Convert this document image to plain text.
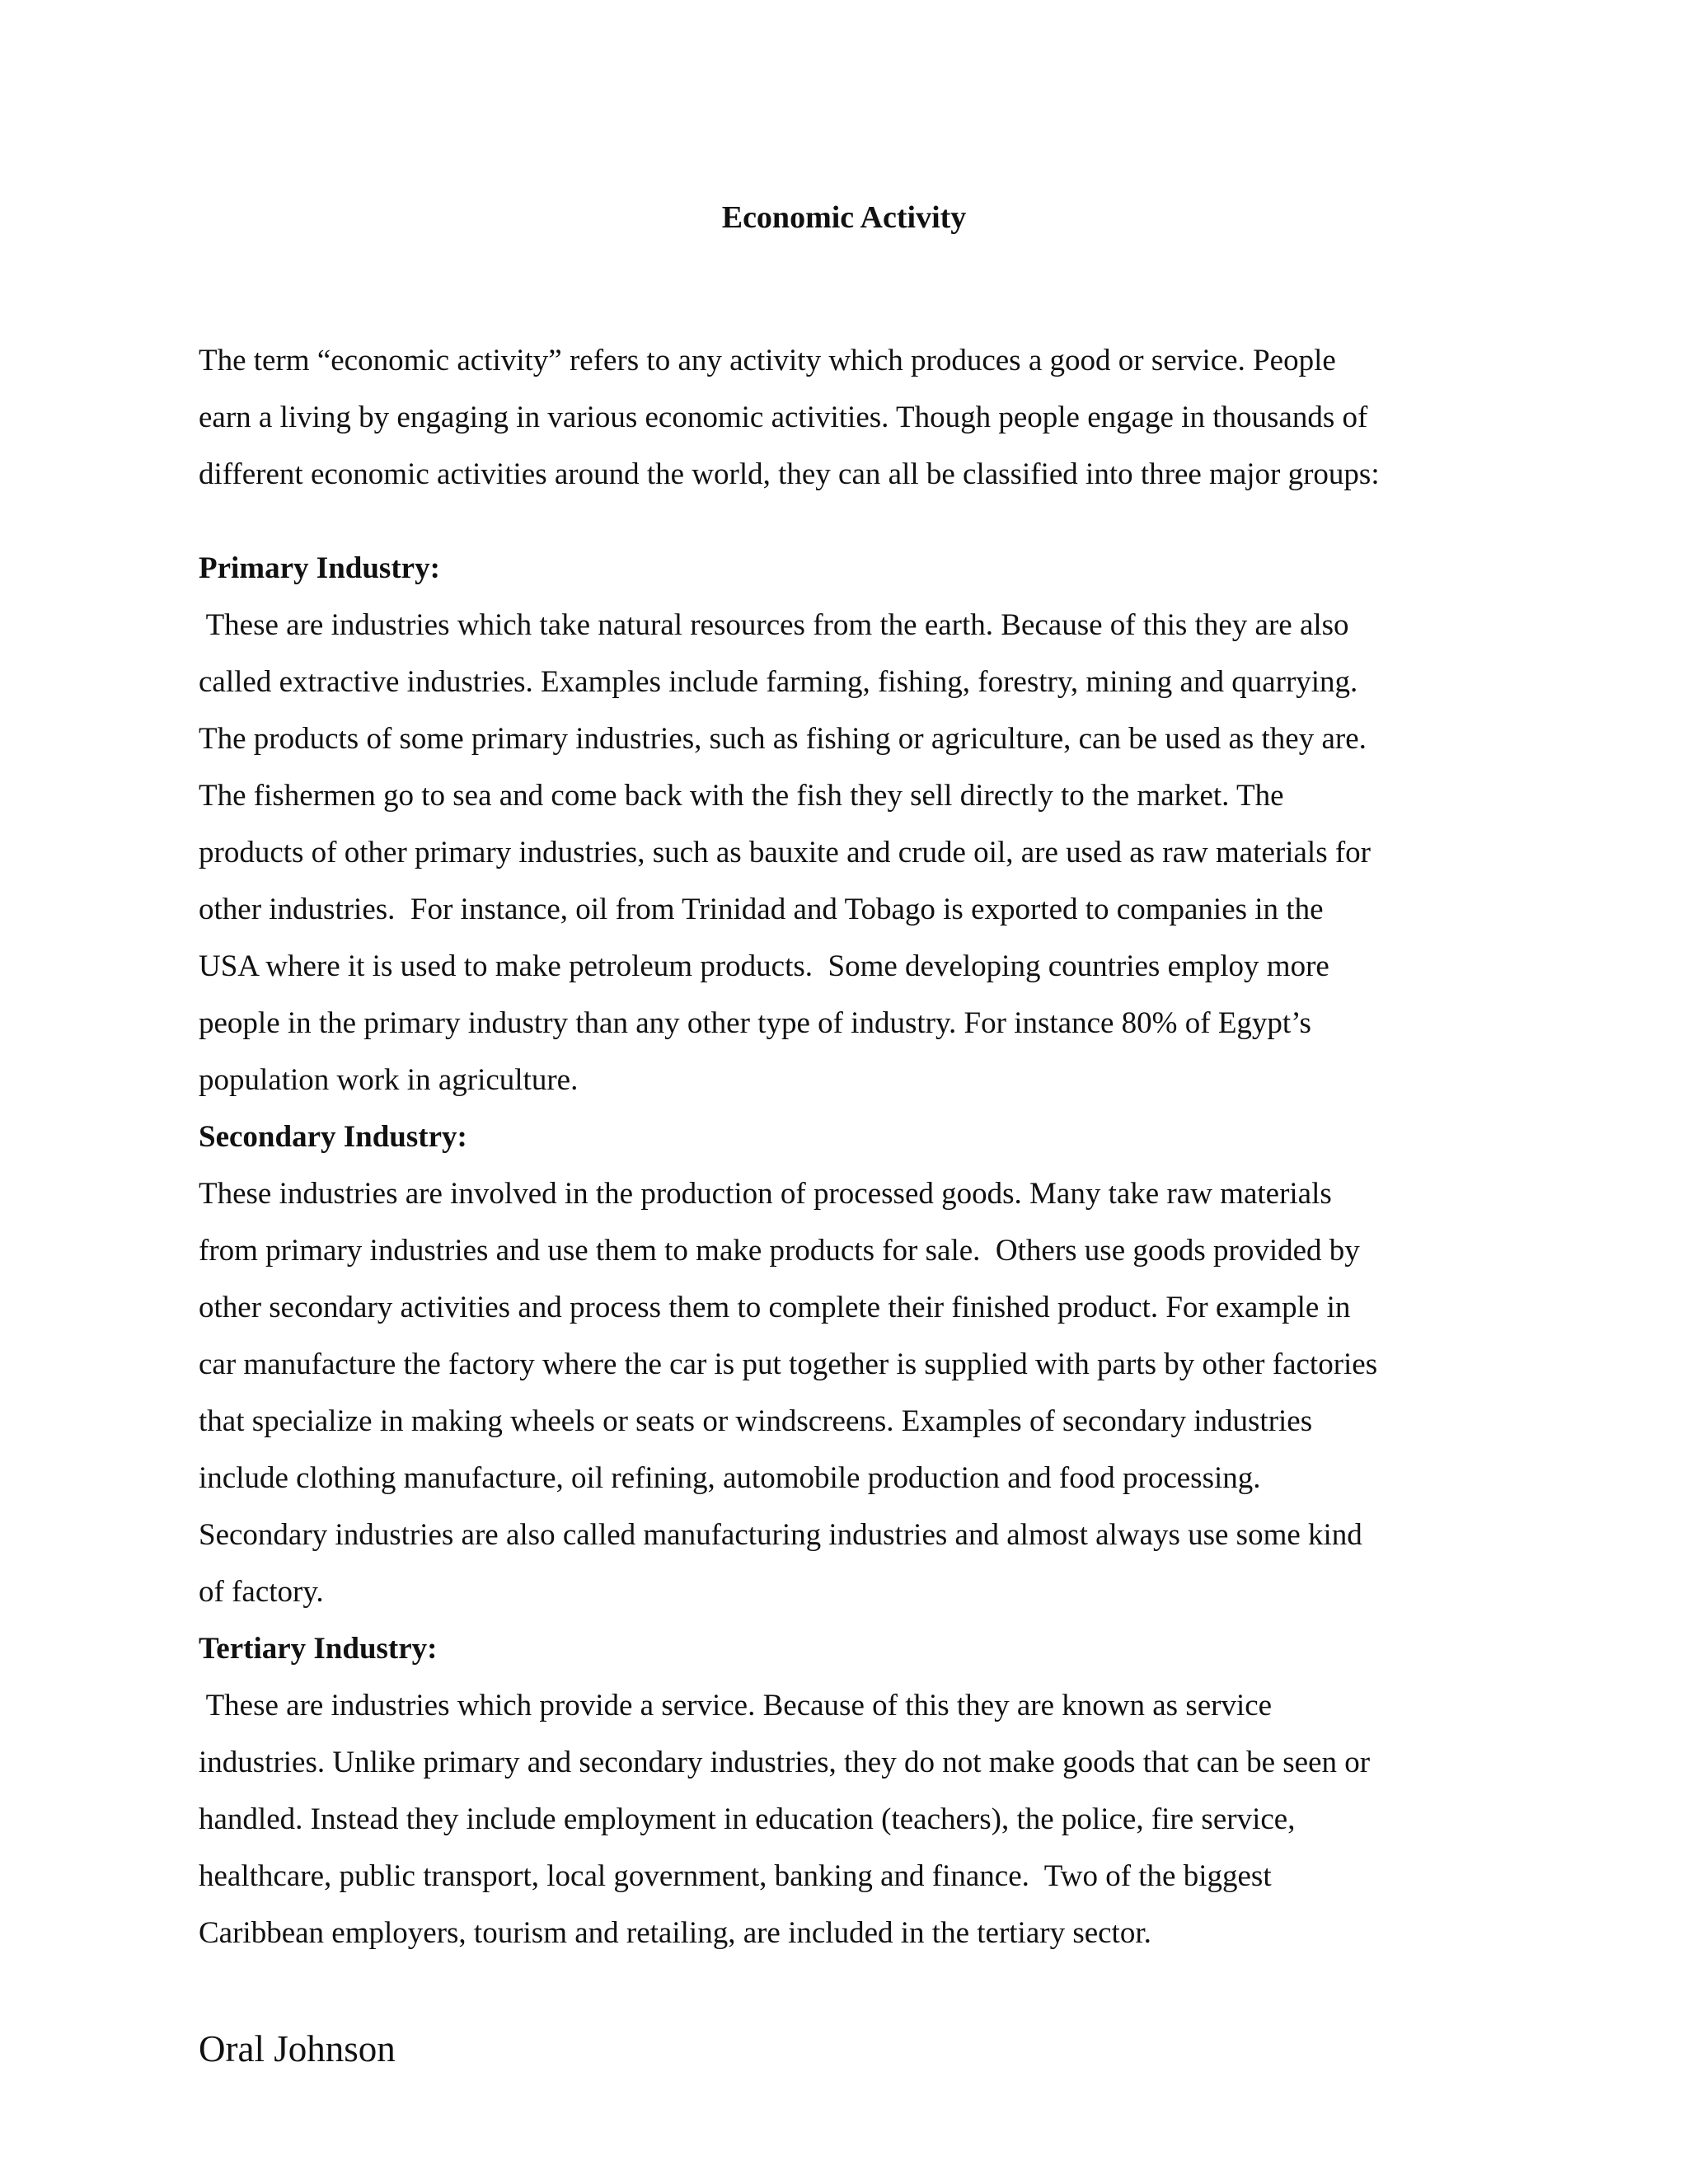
Economic Activity
The term “economic activity” refers to any activity which produces a good or service. People
earn a living by engaging in various economic activities. Though people engage in thousands of
different economic activities around the world, they can all be classified into three major groups:
Primary Industry:
These are industries which take natural resources from the earth. Because of this they are also
called extractive industries. Examples include farming, fishing, forestry, mining and quarrying.
The products of some primary industries, such as fishing or agriculture, can be used as they are.
The fishermen go to sea and come back with the fish they sell directly to the market. The
products of other primary industries, such as bauxite and crude oil, are used as raw materials for
other industries.  For instance, oil from Trinidad and Tobago is exported to companies in the
USA where it is used to make petroleum products.  Some developing countries employ more
people in the primary industry than any other type of industry. For instance 80% of Egypt’s
population work in agriculture.
Secondary Industry:
These industries are involved in the production of processed goods. Many take raw materials
from primary industries and use them to make products for sale.  Others use goods provided by
other secondary activities and process them to complete their finished product. For example in
car manufacture the factory where the car is put together is supplied with parts by other factories
that specialize in making wheels or seats or windscreens. Examples of secondary industries
include clothing manufacture, oil refining, automobile production and food processing.
Secondary industries are also called manufacturing industries and almost always use some kind
of factory.
Tertiary Industry:
These are industries which provide a service. Because of this they are known as service
industries. Unlike primary and secondary industries, they do not make goods that can be seen or
handled. Instead they include employment in education (teachers), the police, fire service,
healthcare, public transport, local government, banking and finance.  Two of the biggest
Caribbean employers, tourism and retailing, are included in the tertiary sector.
Oral Johnson
